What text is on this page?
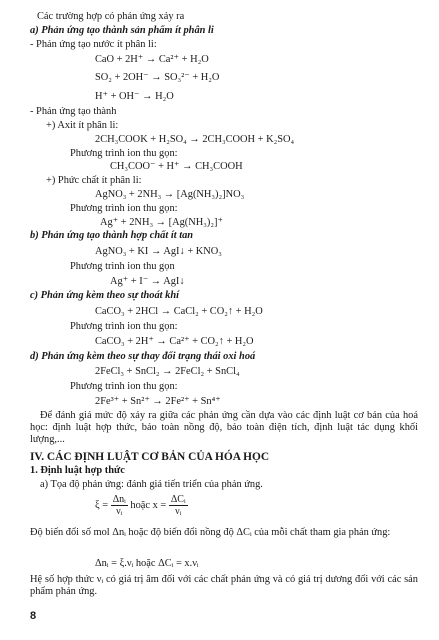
Các trường hợp có phản ứng xảy ra
a) Phản ứng tạo thành sản phẩm ít phân li
- Phản ứng tạo nước ít phân li:
CaO + 2H⁺ → Ca²⁺ + H₂O
SO₂ + 2OH⁻ → SO₃²⁻ + H₂O
H⁺ + OH⁻ → H₂O
- Phản ứng tạo thành
+) Axit ít phân li:
2CH₃COOK + H₂SO₄ → 2CH₃COOH + K₂SO₄
Phương trình ion thu gọn:
CH₃COO⁻ + H⁺ → CH₃COOH
+) Phức chất ít phân li:
AgNO₃ + 2NH₃ → [Ag(NH₃)₂]NO₃
Phương trình ion thu gọn:
Ag⁺ + 2NH₃ → [Ag(NH₃)₂]⁺
b) Phản ứng tạo thành hợp chất ít tan
AgNO₃ + KI → AgI↓ + KNO₃
Phương trình ion thu gọn
Ag⁺ + I⁻ → AgI↓
c) Phản ứng kèm theo sự thoát khí
CaCO₃ + 2HCl → CaCl₂ + CO₂↑ + H₂O
Phương trình ion thu gọn:
CaCO₃ + 2H⁺ → Ca²⁺ + CO₂↑ + H₂O
d) Phản ứng kèm theo sự thay đổi trạng thái oxi hoá
2FeCl₃ + SnCl₂ → 2FeCl₂ + SnCl₄
Phương trình ion thu gọn:
2Fe³⁺ + Sn²⁺ → 2Fe²⁺ + Sn⁴⁺
Để đánh giá mức độ xảy ra giữa các phản ứng cần dựa vào các định luật cơ bản của hoá học: định luật hợp thức, bảo toàn nồng độ, bảo toàn điện tích, định luật tác dụng khối lượng,...
IV. CÁC ĐỊNH LUẬT CƠ BẢN CỦA HÓA HỌC
1. Định luật hợp thức
a) Tọa độ phản ứng: đánh giá tiến triển của phản ứng.
$\xi = \frac{\text{Δnᵢ}}{\text{νᵢ}}$ hoặc $x = \frac{\text{ΔCᵢ}}{\text{νᵢ}}$
Độ biến đổi số mol Δnᵢ hoặc độ biến đổi nồng độ ΔCᵢ của mỗi chất tham gia phản ứng:
Δnᵢ = ξ.νᵢ hoặc ΔCᵢ = x.νᵢ
Hệ số hợp thức νᵢ có giá trị âm đối với các chất phản ứng và có giá trị dương đối với các sản phẩm phản ứng.
8
